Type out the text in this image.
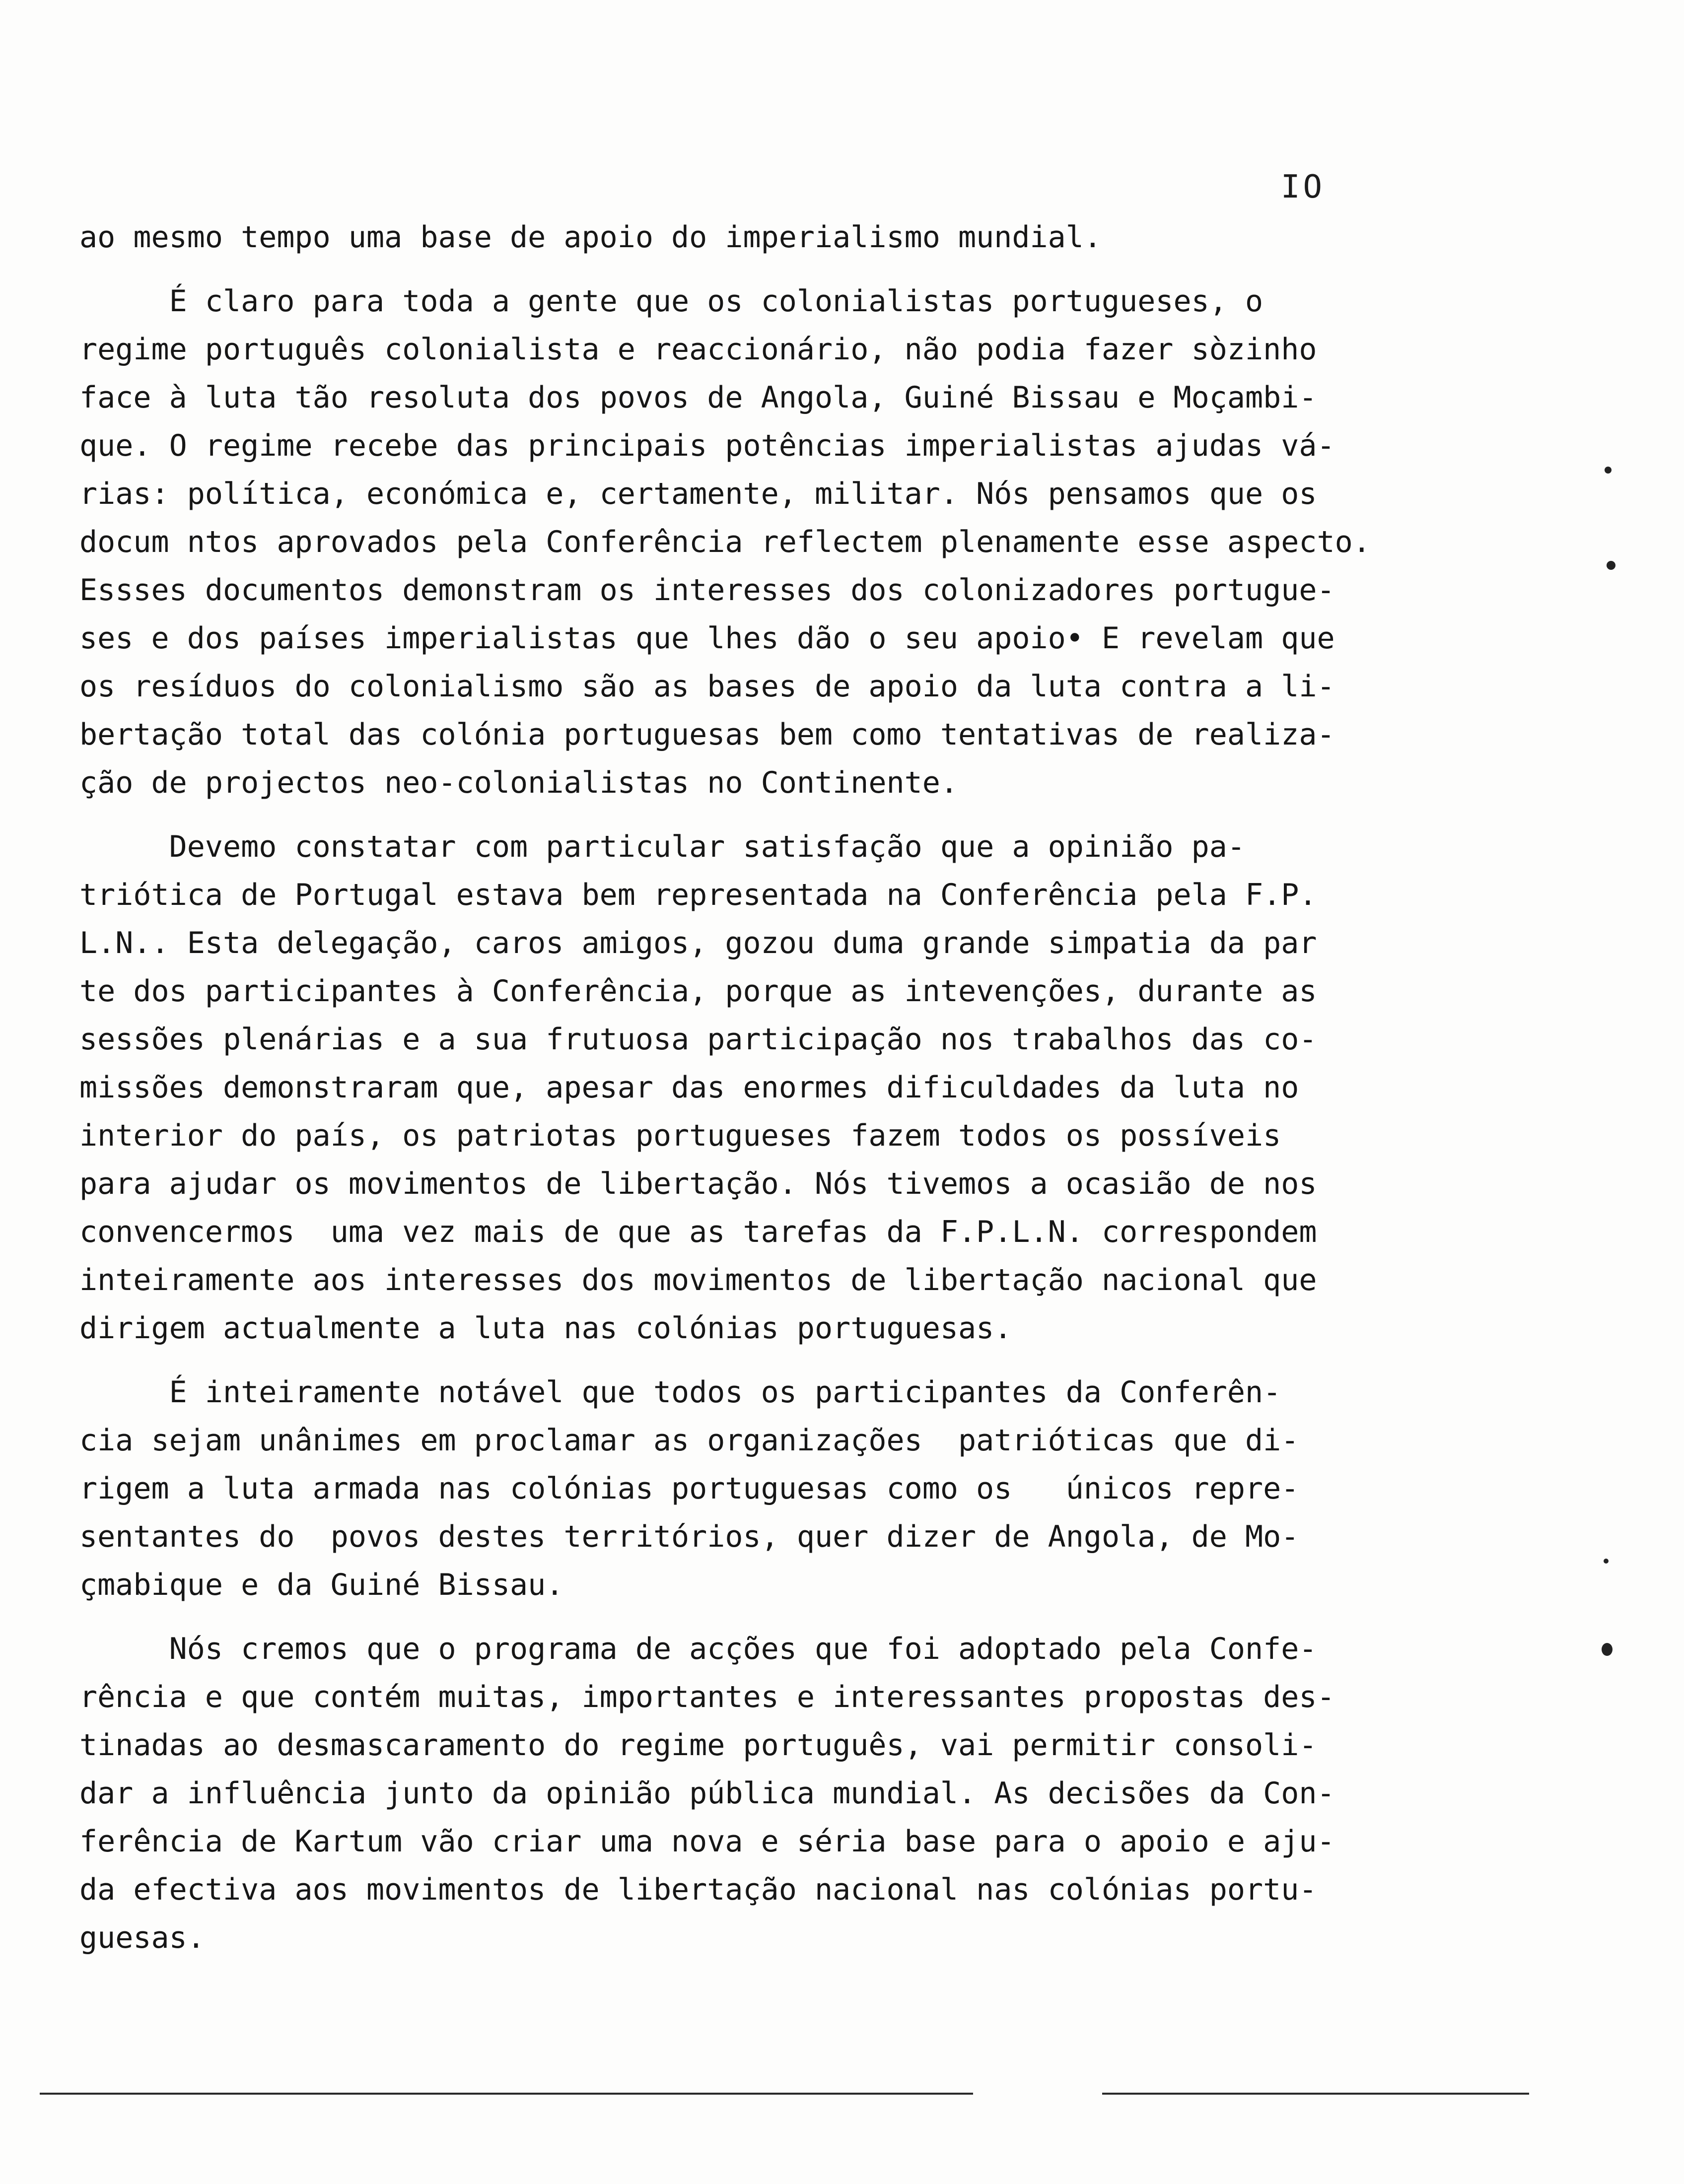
IO
ao mesmo tempo uma base de apoio do imperialismo mundial.
É claro para toda a gente que os colonialistas portugueses, o
regime português colonialista e reaccionário, não podia fazer sòzinho
face à luta tão resoluta dos povos de Angola, Guiné Bissau e Moçambi-
que. O regime recebe das principais potências imperialistas ajudas vá-
rias: política, económica e, certamente, militar. Nós pensamos que os
docum ntos aprovados pela Conferência reflectem plenamente esse aspecto.
Essses documentos demonstram os interesses dos colonizadores portugue-
ses e dos países imperialistas que lhes dão o seu apoio• E revelam que
os resíduos do colonialismo são as bases de apoio da luta contra a li-
bertação total das colónia portuguesas bem como tentativas de realiza-
ção de projectos neo-colonialistas no Continente.
Devemo constatar com particular satisfação que a opinião pa-
triótica de Portugal estava bem representada na Conferência pela F.P.
L.N.. Esta delegação, caros amigos, gozou duma grande simpatia da par
te dos participantes à Conferência, porque as intevenções, durante as
sessões plenárias e a sua frutuosa participação nos trabalhos das co-
missões demonstraram que, apesar das enormes dificuldades da luta no
interior do país, os patriotas portugueses fazem todos os possíveis
para ajudar os movimentos de libertação. Nós tivemos a ocasião de nos
convencermos  uma vez mais de que as tarefas da F.P.L.N. correspondem
inteiramente aos interesses dos movimentos de libertação nacional que
dirigem actualmente a luta nas colónias portuguesas.
É inteiramente notável que todos os participantes da Conferên-
cia sejam unânimes em proclamar as organizações  patrióticas que di-
rigem a luta armada nas colónias portuguesas como os   únicos repre-
sentantes do  povos destes territórios, quer dizer de Angola, de Mo-
çmabique e da Guiné Bissau.
Nós cremos que o programa de acções que foi adoptado pela Confe-
rência e que contém muitas, importantes e interessantes propostas des-
tinadas ao desmascaramento do regime português, vai permitir consoli-
dar a influência junto da opinião pública mundial. As decisões da Con-
ferência de Kartum vão criar uma nova e séria base para o apoio e aju-
da efectiva aos movimentos de libertação nacional nas colónias portu-
guesas.
